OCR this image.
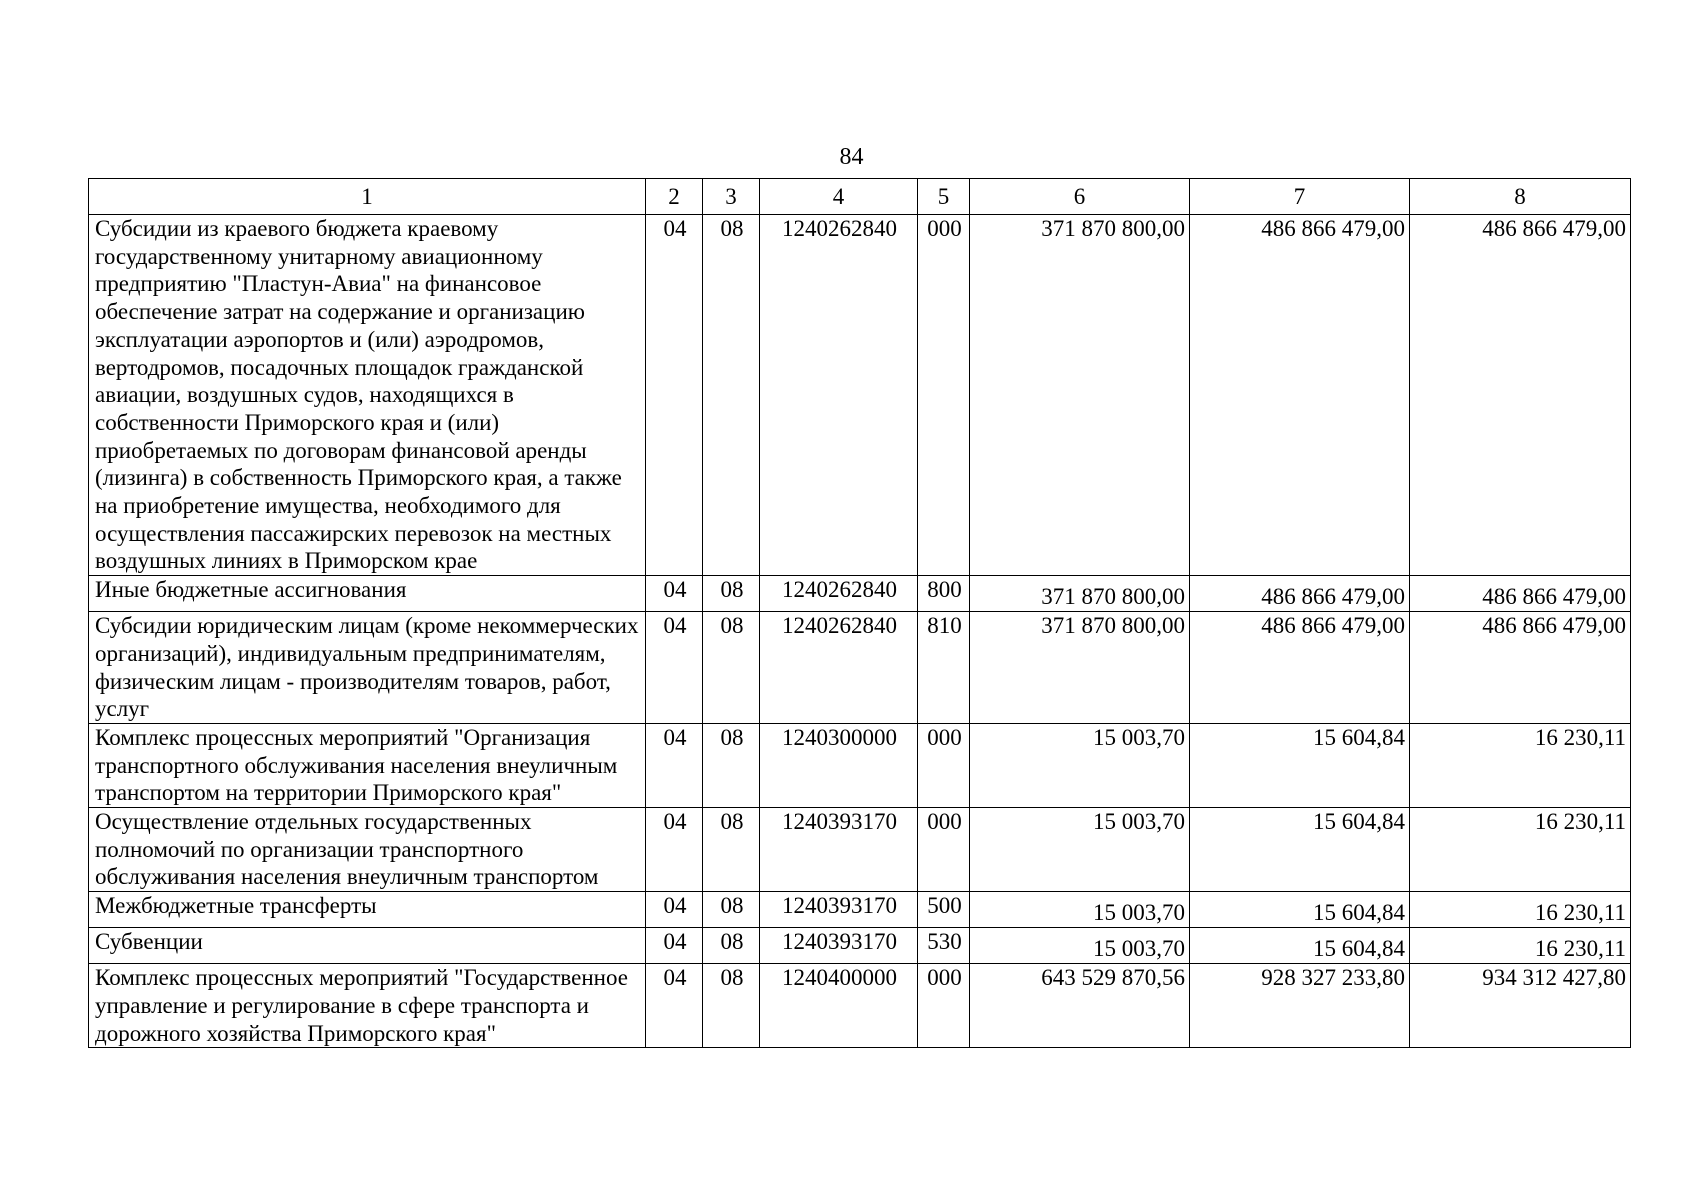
84
1	2	3	4	5	6	7	8
Субсидии из краевого бюджета краевому государственному унитарному авиационному предприятию "Пластун-Авиа" на финансовое обеспечение затрат на содержание и организацию эксплуатации аэропортов и (или) аэродромов, вертодромов, посадочных площадок гражданской авиации, воздушных судов, находящихся в собственности Приморского края и (или) приобретаемых по договорам финансовой аренды (лизинга) в собственность Приморского края, а также на приобретение имущества, необходимого для осуществления пассажирских перевозок на местных воздушных линиях в Приморском крае	04	08	1240262840	000	371 870 800,00	486 866 479,00	486 866 479,00
Иные бюджетные ассигнования	04	08	1240262840	800	371 870 800,00	486 866 479,00	486 866 479,00
Субсидии юридическим лицам (кроме некоммерческих организаций), индивидуальным предпринимателям, физическим лицам - производителям товаров, работ, услуг	04	08	1240262840	810	371 870 800,00	486 866 479,00	486 866 479,00
Комплекс процессных мероприятий "Организация транспортного обслуживания населения внеуличным транспортом на территории Приморского края"	04	08	1240300000	000	15 003,70	15 604,84	16 230,11
Осуществление отдельных государственных полномочий по организации транспортного обслуживания населения внеуличным транспортом	04	08	1240393170	000	15 003,70	15 604,84	16 230,11
Межбюджетные трансферты	04	08	1240393170	500	15 003,70	15 604,84	16 230,11
Субвенции	04	08	1240393170	530	15 003,70	15 604,84	16 230,11
Комплекс процессных мероприятий "Государственное управление и регулирование в сфере транспорта и дорожного хозяйства Приморского края"	04	08	1240400000	000	643 529 870,56	928 327 233,80	934 312 427,80
